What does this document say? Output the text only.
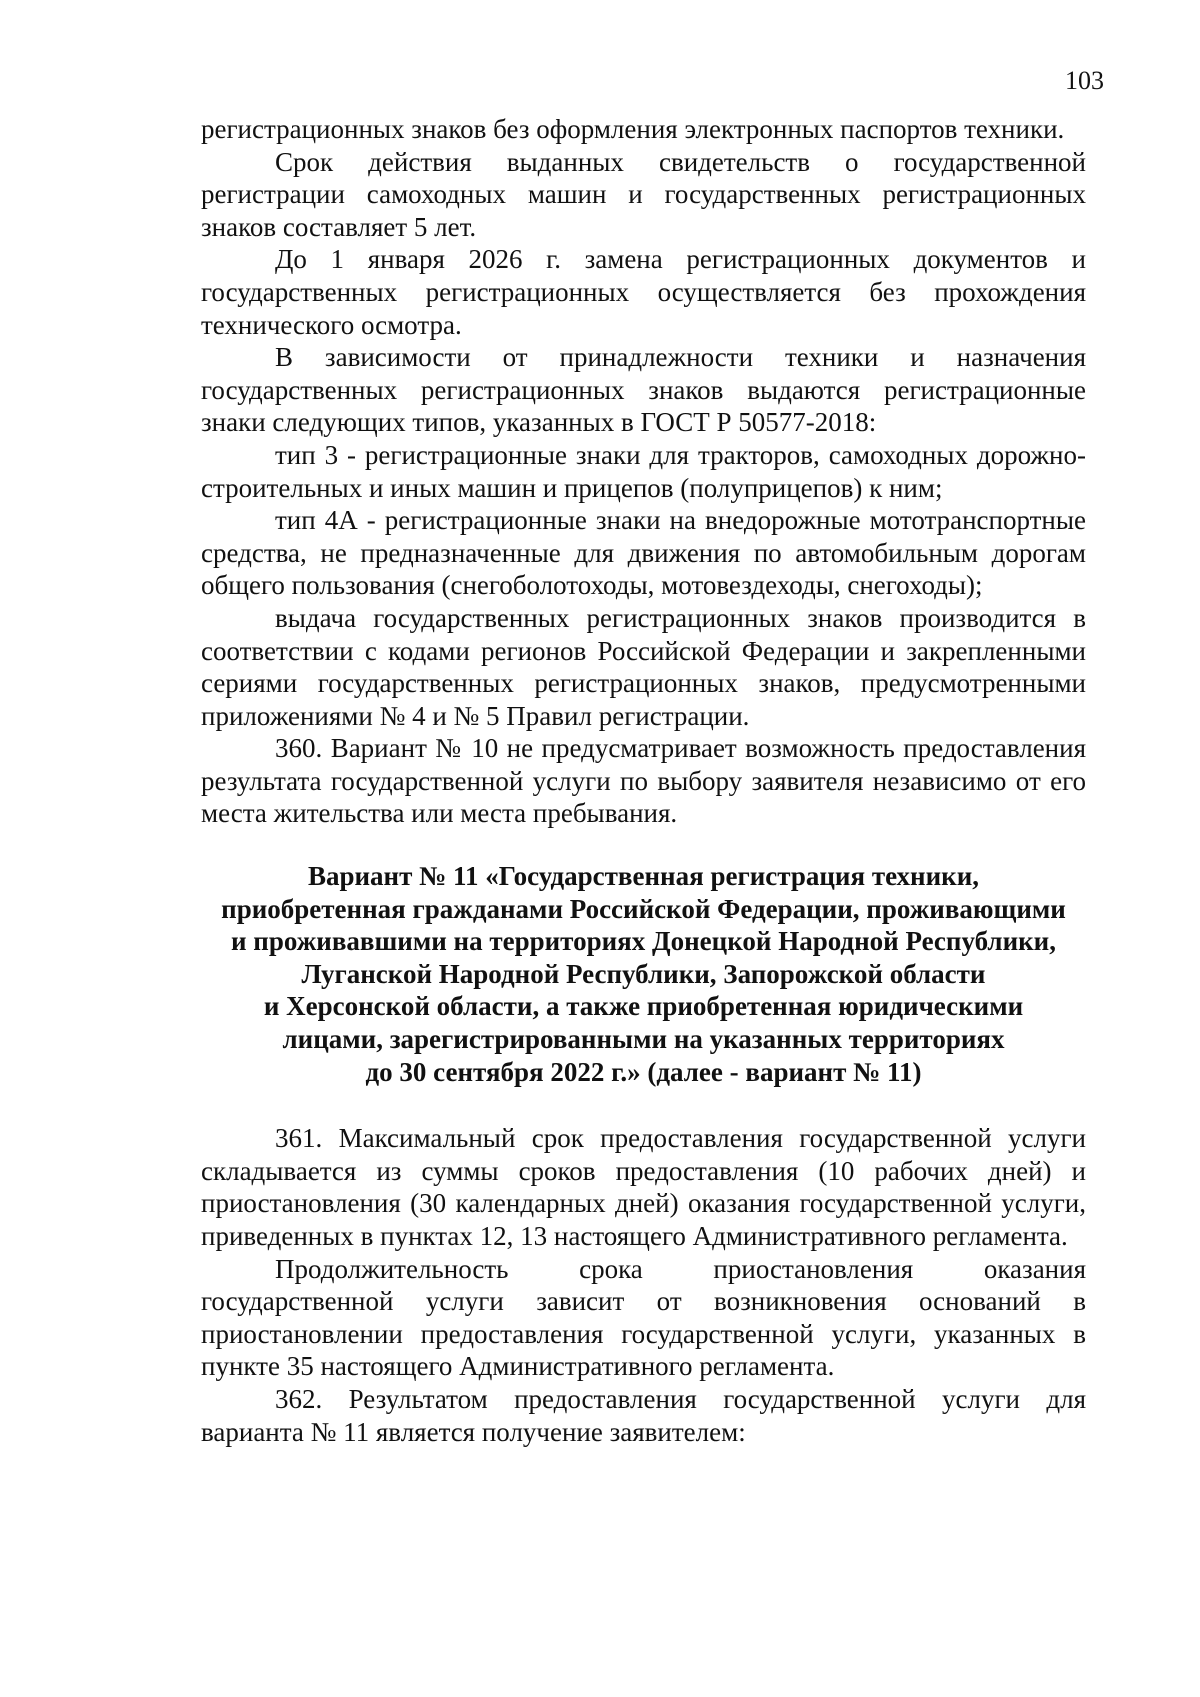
103

регистрационных знаков без оформления электронных паспортов техники.

Срок действия выданных свидетельств о государственной регистрации самоходных машин и государственных регистрационных знаков составляет 5 лет.

До 1 января 2026 г. замена регистрационных документов и государственных регистрационных осуществляется без прохождения технического осмотра.

В зависимости от принадлежности техники и назначения государственных регистрационных знаков выдаются регистрационные знаки следующих типов, указанных в ГОСТ Р 50577-2018:

тип 3 - регистрационные знаки для тракторов, самоходных дорожно-строительных и иных машин и прицепов (полуприцепов) к ним;

тип 4А - регистрационные знаки на внедорожные мототранспортные средства, не предназначенные для движения по автомобильным дорогам общего пользования (снегоболотоходы, мотовездеходы, снегоходы);

выдача государственных регистрационных знаков производится в соответствии с кодами регионов Российской Федерации и закрепленными сериями государственных регистрационных знаков, предусмотренными приложениями № 4 и № 5 Правил регистрации.

360. Вариант № 10 не предусматривает возможность предоставления результата государственной услуги по выбору заявителя независимо от его места жительства или места пребывания.

Вариант № 11 «Государственная регистрация техники,
приобретенная гражданами Российской Федерации, проживающими
и проживавшими на территориях Донецкой Народной Республики,
Луганской Народной Республики, Запорожской области
и Херсонской области, а также приобретенная юридическими
лицами, зарегистрированными на указанных территориях
до 30 сентября 2022 г.» (далее - вариант № 11)

361. Максимальный срок предоставления государственной услуги складывается из суммы сроков предоставления (10 рабочих дней) и приостановления (30 календарных дней) оказания государственной услуги, приведенных в пунктах 12, 13 настоящего Административного регламента.

Продолжительность срока приостановления оказания государственной услуги зависит от возникновения оснований в приостановлении предоставления государственной услуги, указанных в пункте 35 настоящего Административного регламента.

362. Результатом предоставления государственной услуги для варианта № 11 является получение заявителем:
